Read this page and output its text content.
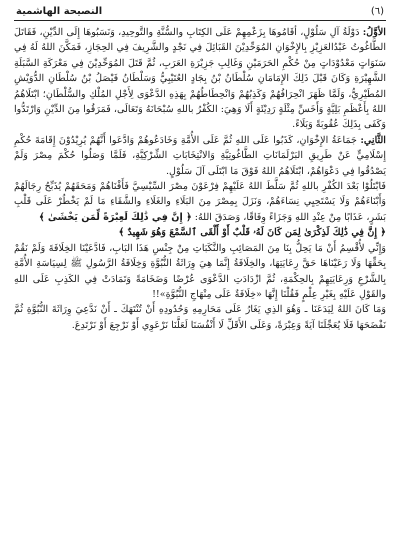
النصيحة الهاشمية	(٦)

الأوَّلُ: دَوْلَةُ آلِ سَلُوْلٍ، أقَامُوهَا بِزَعْمِهِمْ عَلَى الكِتَابِ والسُّنَّةِ والتَّوحِيدِ، وَنَسَبُوهَا إِلَى الدِّيْنِ، فَقَاتَلَ الطَّاغُوتُ عَبْدُالعَزِيْزِ بِالإِخْوَانِ المُوَحِّدِيْنَ القَبَائِلَ فِي نَجْدٍ والشَّرِيفَ فِي الحِجَازِ، فَمَكَّنَ اللهُ لَهُ فِي سَنَوَاتٍ مَعْدُوْدَاتٍ مِنْ حُكْمِ الحَرَمَيْنِ وَغَالِبِ جَزِيْرَةِ العَرَبِ، ثُمَّ قَتَلَ المُوَحِّدِيْنَ فِي مَعْرَكَةِ السَّبَلَةِ الشَّهِيْرَةِ وَكَانَ قَبْلَ ذَلِكَ الإِمَامَانِ سُلْطَانُ بْنُ بِجَادٍ العُتَيْبِيُّ وَسَلْطَانُ فَيْصَلُ بْنُ سُلْطَانِ الدُّوَيْشِ المُطَيْرِيُّ، وَلَمَّا ظَهَرَ انْحِرَافُهُمْ وَكَذِبُهُمْ وَانْحِطَاطُهُمْ بِهَذِهِ الدَّعْوَى لِأَجْلِ المُلْكِ والسُّلْطَانِ؛ ابْتَلَاهُمُ اللهُ بِأَعْظَمِ بَلِيَّةٍ وَأَخَسِّ مِثْلَةٍ رَدِيْئَةٍ أَلَا وَهِيَ: الكُفْرُ باللهِ سُبْحَانَهُ وَتَعَالَى، فَمَرَقُوا مِنَ الدِّيْنِ وَارْتَدُّوا وَكَفَى بِذَلِكَ عُقُوبَةً وَبَلَاءً.

الثَّانِي: جَمَاعَةُ الإِخْوَانِ، كَذَبُوا عَلَى اللهِ ثُمَّ عَلَى الأُمَّةِ وَخَادَعُوهُمْ وَادَّعَوا أَنَّهُمْ يُرِيْدُوْنَ إِقَامَةَ حُكْمِ إِسْلَامِيٍّ عَنْ طَرِيقِ البَرْلَمَانَاتِ الطَّاغُوتِيَّةِ وَالانْتِخَابَاتِ الشِّرْكِيَّةِ، فَلَمَّا وَصَلُوا حُكْمَ مِصْرَ وَلَمْ يَصْدُقُوا فِي دَعْوَاهُمْ، ابْتَلَاهُمُ اللهُ فَوْقَ مَا ابْتَلَى آلَ سَلُوْلٍ.

فَابْتَلُوْا بَعْدَ الكُفْرِ باللهِ ثُمَّ سَلَّطَ اللهُ عَلَيْهِمْ فِرْعَوْنَ مِصْرَ السِّيْسِيَّ فَأَفْنَاهُمْ وَمَحَقَهُمْ يُذَبِّحُ رِجَالَهُمْ وَأَبْنَاءَهُمْ وَلَا يَسْتَحِيِي نِسَاءَهُمْ، وَنَزَلَ بِمِصْرَ مِنَ البَلَاءِ والغَلَاءِ والشَّقَاءِ مَا لَمْ يَخْطُرْ عَلَى قَلْبِ بَشَرٍ، عَذَابًا مِنْ عِنْدِ اللهِ وَجَزَاءً وِفَاقًا، وَصَدَقَ اللهُ: ﴿ إِنَّ فِي ذَٰلِكَ لَعِبْرَةً لِّمَن يَخْشَىٰ ﴾

﴿ إِنَّ فِي ذَٰلِكَ لَذِكْرَىٰ لِمَن كَانَ لَهُۥ قَلْبٌ أَوْ أَلْقَى ٱلسَّمْعَ وَهُوَ شَهِيدٌ ﴾

وَإِنِّي لأُقْسِمُ أَنْ مَا يَحِلُّ بِنَا مِنَ المَصَائِبِ والنَّكَبَاتِ مِنْ جِنْسِ هَذَا البَابِ، فَادَّعَيْنَا الخِلَافَةَ وَلَمْ نَقُمْ بِحَقِّهَا وَلَا رَعَيْنَاهَا حَقَّ رِعَايَتِهَا، والخِلَافَةُ إِنَّمَا هِيَ وِرَاثَةُ النُّبُوَّةِ وَخِلَافَةُ الرَّسُولِ ﷺ لِسِيَاسَةِ الأُمَّةِ بِالشَّرْعِ وَرِعَايَتِهِمْ بِالحِكْمَةِ، ثُمَّ ازْدَادَتِ الدَّعْوَى عُرْضًا وَضَخَامَةً وَتَمَادَتْ فِي الكَذِبِ عَلَى اللهِ والقَوْلِ عَلَيْهِ بِغَيْرِ عِلْمٍ فَقُلْنَا إِنَّهَا «خِلَافَةٌ عَلَى مِنْهَاجِ النُّبُوَّةِ»!!

وَمَا كَانَ اللهُ لِيَدَعَنَا ـ وَهُوَ الذِي يَغَارُ عَلَى مَحَارِمِهِ وَحُدُودِهِ أَنْ تُنْتَهَكَ ـ أَنْ نَدَّعِيَ وِرَاثَةَ النُّبُوَّةِ ثُمَّ نَفْضَحَهَا فَلَا يُعَجِّلَنَا آيَةً وَعِبْرَةً، وَعَلَى الأَقَلِّ لَا أَنْفُسَنَا لَعَلَّنَا نَرْعَوِي أَوْ نَرْجِعَ أَوْ نَرْتَدِعَ.
